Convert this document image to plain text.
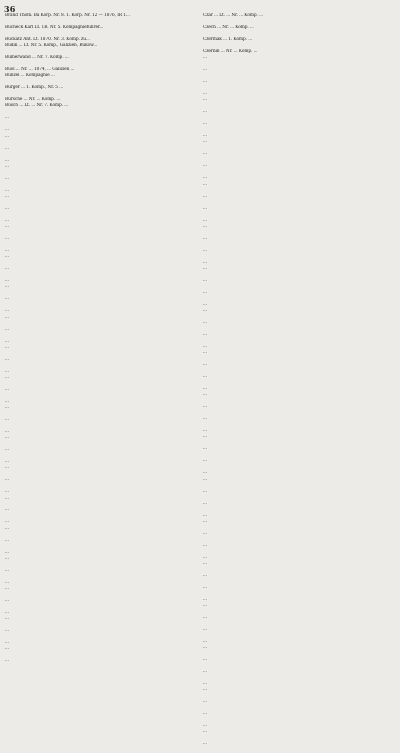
36

Brand Thom. Ba Korp. Nr. 8. 1. Korp. Nr. 12 — 1876, IR 1...

Bucheck Karl Lt. 1B. Nr. 5. Kompagnieführer...

Buckatz Ant. Lt. 1870. Nr. 3. Komp. zu...

Budik ... Lt. Nr. 5. Komp., Galizien, Bukow...

Bumerwand ... Nr. 7. Komp. ...

Buol ... Nr. ... 1874, ... Galizien ...

Bunzel ... Kompagnie ...

Burger ... 1. Komp., Nr. 5 ...

Bursche ... Nr. ... Komp. ...

Busch ... Lt. ... Nr. 7. Komp. ...

...

...

...

...

...

...

...

...

...

...

...

...

...

...

...

...

...

...

...

...

...

...

...

...

...

...

...

...

...

...

...

...

...

...

...

...

...

...

...

...

...

...

...

...

...

...

...

...

...

...

...

...

...

...

...

Czar ... Lt. ... Nr. ... Komp. ...

Czech ... Nr. ... Komp. ...

Czermak ... 1. Komp. ...

Czernin ... Nr. ... Komp. ...

...

...

...

...

...

...

...

...

...

...

...

...

...

...

...

...

...

...

...

...

...

...

...

...

...

...

...

...

...

...

...

...

...

...

...

...

...

...

...

...

...

...

...

...

...

...

...

...

...

...

...

...

...

...

...

...

...

...

...

...

...

...

...

...

...

...
